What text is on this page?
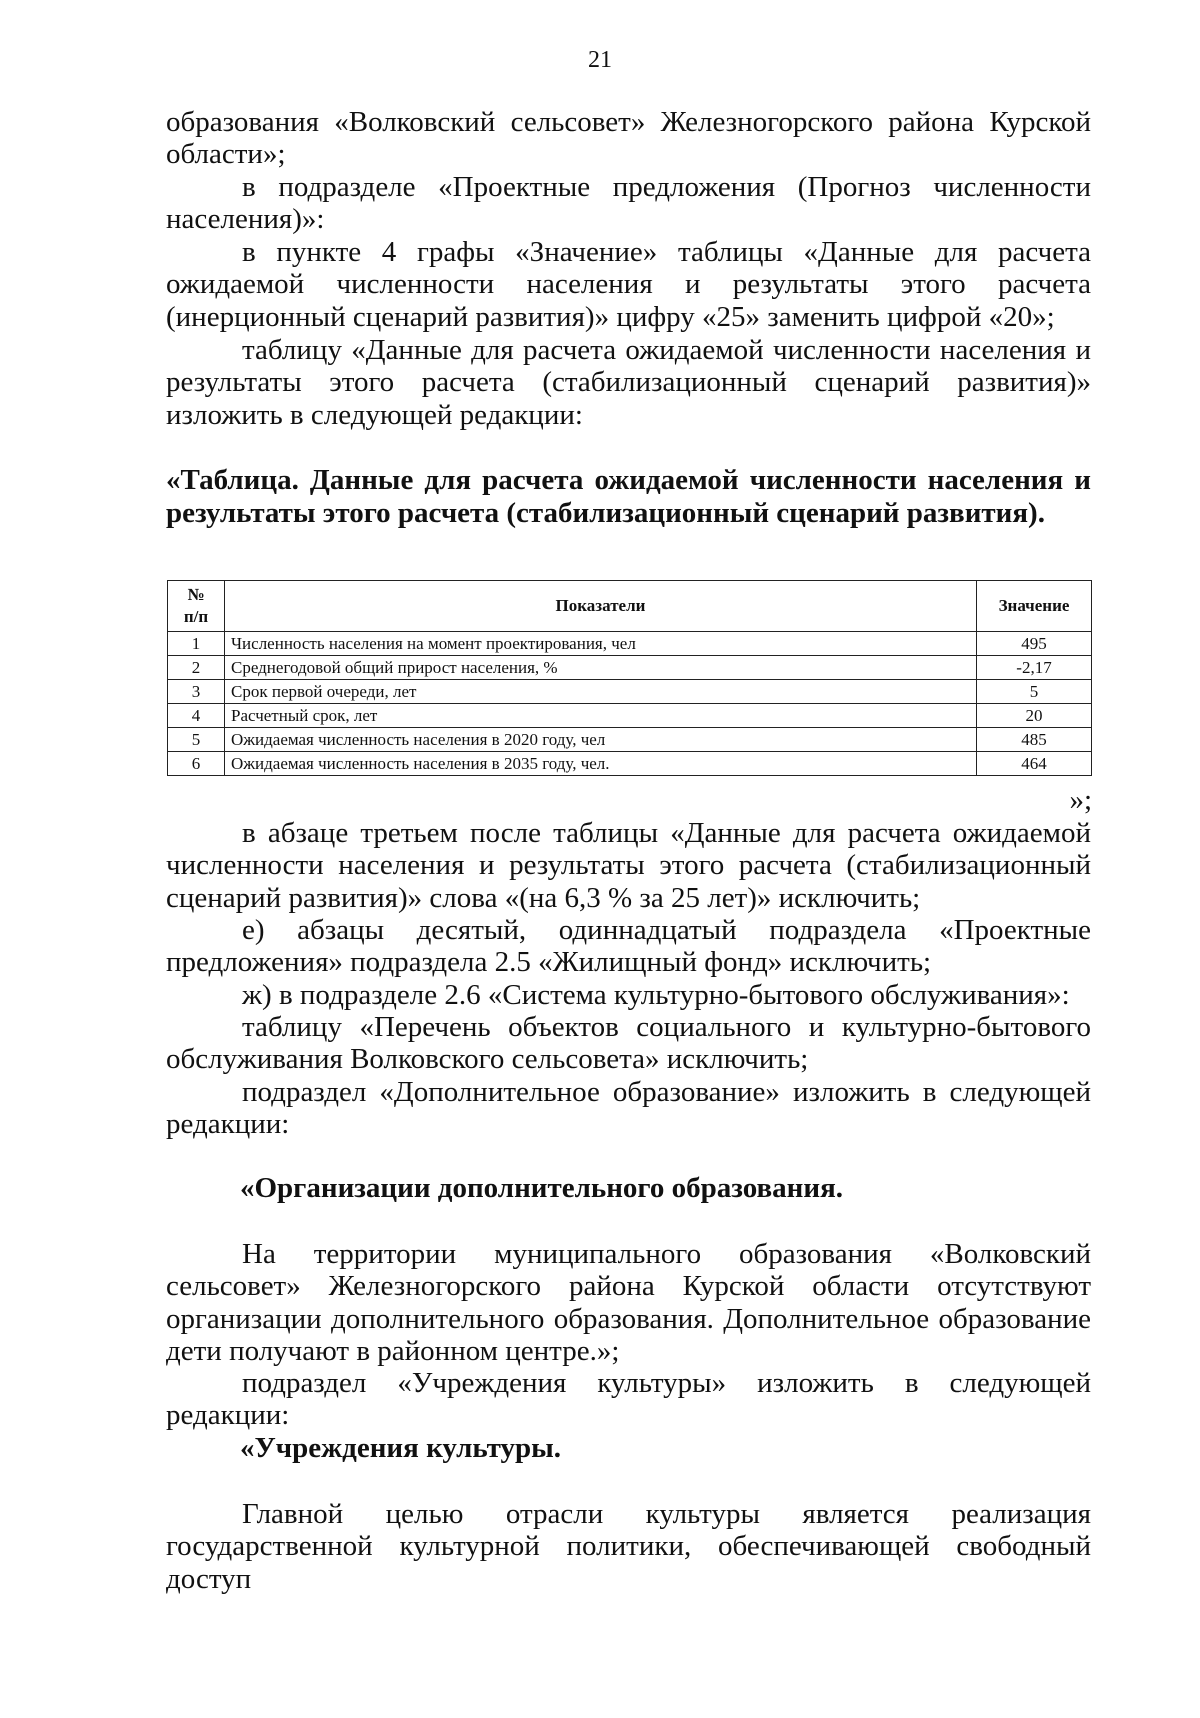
21

образования «Волковский сельсовет» Железногорского района Курской области»;

в подразделе «Проектные предложения (Прогноз численности населения)»:

в пункте 4 графы «Значение» таблицы «Данные для расчета ожидаемой численности населения и результаты этого расчета (инерционный сценарий развития)» цифру «25» заменить цифрой «20»;

таблицу «Данные для расчета ожидаемой численности населения и результаты этого расчета (стабилизационный сценарий развития)» изложить в следующей редакции:

«Таблица. Данные для расчета ожидаемой численности населения и результаты этого расчета (стабилизационный сценарий развития).

№
п/п	Показатели	Значение
1	Численность населения на момент проектирования, чел	495
2	Среднегодовой общий прирост населения, %	-2,17
3	Срок первой очереди, лет	5
4	Расчетный срок, лет	20
5	Ожидаемая численность населения в 2020 году, чел	485
6	Ожидаемая численность населения в 2035 году, чел.	464
»;

в абзаце третьем после таблицы «Данные для расчета ожидаемой численности населения и результаты этого расчета (стабилизационный сценарий развития)» слова «(на 6,3 % за 25 лет)» исключить;

е) абзацы десятый, одиннадцатый подраздела «Проектные предложения» подраздела 2.5 «Жилищный фонд» исключить;

ж) в подразделе 2.6 «Система культурно-бытового обслуживания»:

таблицу «Перечень объектов социального и культурно-бытового обслуживания Волковского сельсовета» исключить;

подраздел «Дополнительное образование» изложить в следующей редакции:

«Организации дополнительного образования.

На территории муниципального образования «Волковский сельсовет» Железногорского района Курской области отсутствуют организации дополнительного образования. Дополнительное образование дети получают в районном центре.»;

подраздел «Учреждения культуры» изложить в следующей редакции:

«Учреждения культуры.

Главной целью отрасли культуры является реализация государственной культурной политики, обеспечивающей свободный доступ
